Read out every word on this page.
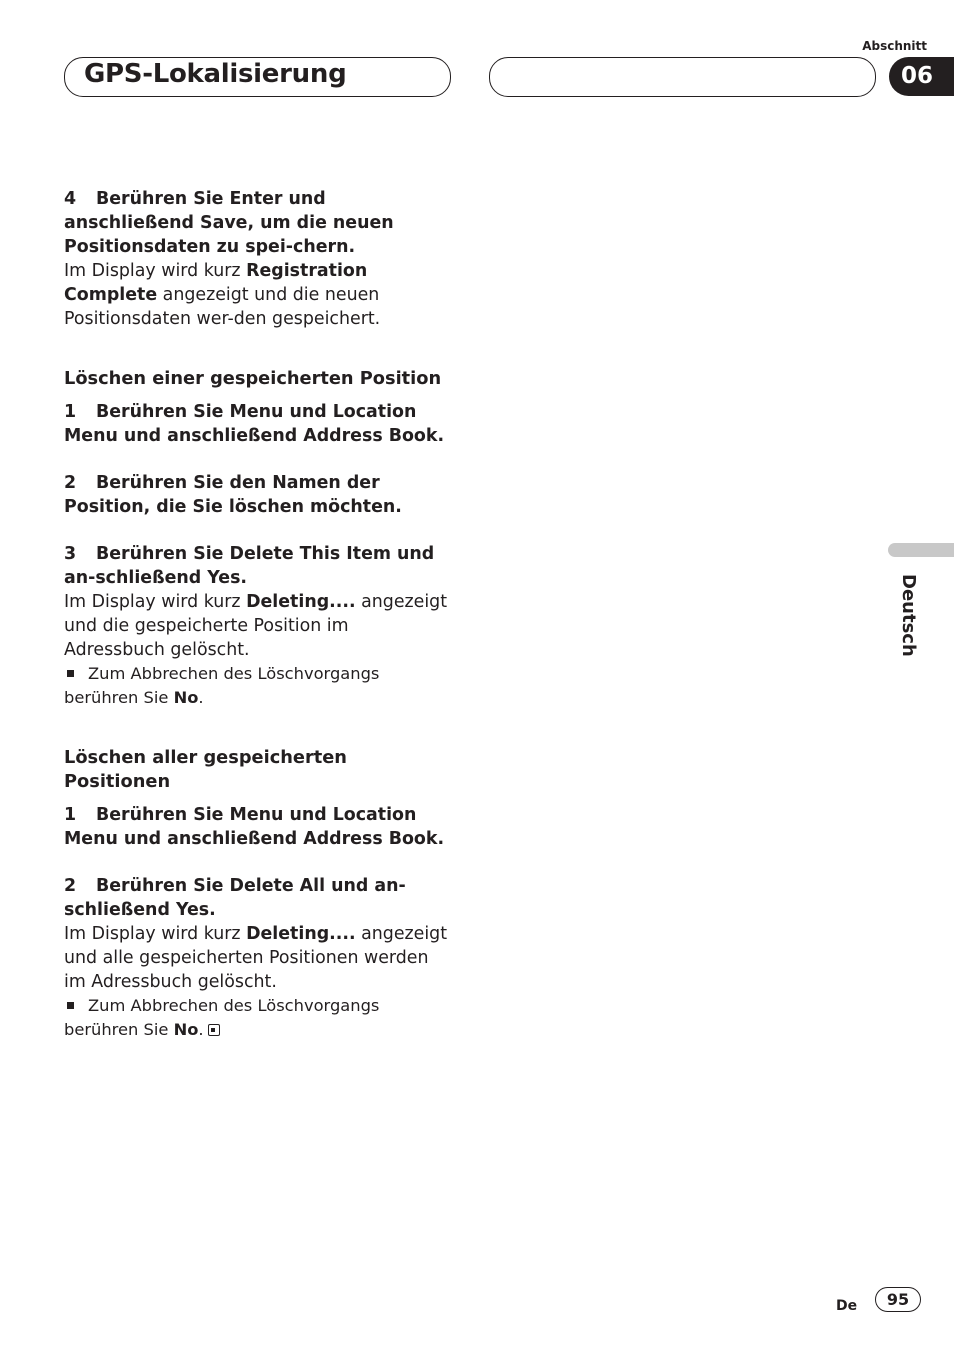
GPS-Lokalisierung
Abschnitt
06
Deutsch

4 Berühren Sie Enter und anschließend Save, um die neuen Positionsdaten zu spei-chern.

Im Display wird kurz Registration Complete angezeigt und die neuen Positionsdaten wer-den gespeichert.

Löschen einer gespeicherten Position

1 Berühren Sie Menu und Location Menu und anschließend Address Book.

2 Berühren Sie den Namen der Position, die Sie löschen möchten.

3 Berühren Sie Delete This Item und an-schließend Yes.

Im Display wird kurz Deleting.... angezeigt und die gespeicherte Position im Adressbuch gelöscht.

Zum Abbrechen des Löschvorgangs berühren Sie No.

Löschen aller gespeicherten Positionen

1 Berühren Sie Menu und Location Menu und anschließend Address Book.

2 Berühren Sie Delete All und an-schließend Yes.

Im Display wird kurz Deleting.... angezeigt und alle gespeicherten Positionen werden im Adressbuch gelöscht.

Zum Abbrechen des Löschvorgangs berühren Sie No.

De	95
